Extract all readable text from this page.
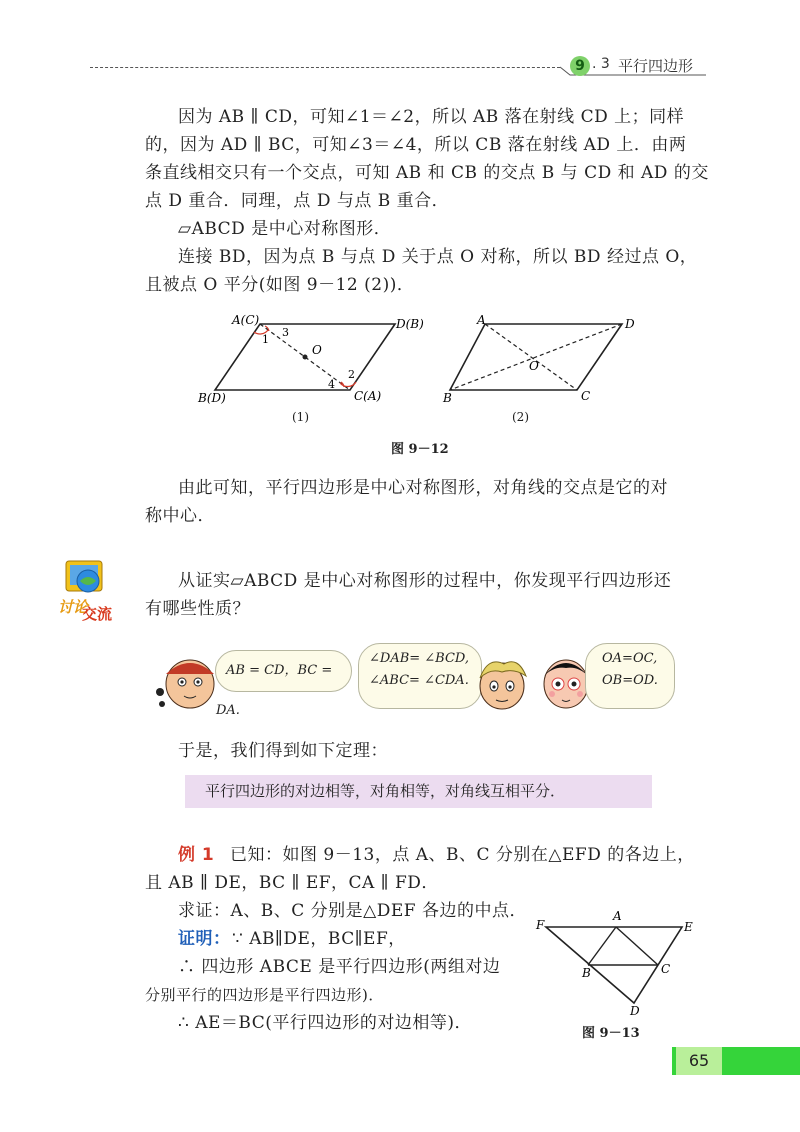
9 . 3 平行四边形
因为 AB ∥ CD，可知∠1＝∠2，所以 AB 落在射线 CD 上；同样
的，因为 AD ∥ BC，可知∠3＝∠4，所以 CB 落在射线 AD 上．由两
条直线相交只有一个交点，可知 AB 和 CB 的交点 B 与 CD 和 AD 的交
点 D 重合．同理，点 D 与点 B 重合．
▱ABCD 是中心对称图形．
连接 BD，因为点 B 与点 D 关于点 O 对称，所以 BD 经过点 O，
且被点 O 平分(如图 9－12 (2))．
A(C)	D(B)
B(D)	C(A)
O
1
2
3
4
(1)
A	D
B	C
O
(2)
图 9－12
由此可知，平行四边形是中心对称图形，对角线的交点是它的对
称中心．
讨论
交流
从证实▱ABCD 是中心对称图形的过程中，你发现平行四边形还
有哪些性质？
AB = CD，BC = DA.
∠DAB= ∠BCD,
∠ABC= ∠CDA.
OA=OC,
OB=OD.
于是，我们得到如下定理：
平行四边形的对边相等，对角相等，对角线互相平分．
例 1 已知：如图 9－13，点 A、B、C 分别在△EFD 的各边上，
且 AB ∥ DE，BC ∥ EF，CA ∥ FD．
求证：A、B、C 分别是△DEF 各边的中点．
证明： ∵ AB∥DE，BC∥EF，
∴ 四边形 ABCE 是平行四边形(两组对边
分别平行的四边形是平行四边形)．
∴ AE＝BC(平行四边形的对边相等)．
F
A
E
B	C
D
图 9－13
65
